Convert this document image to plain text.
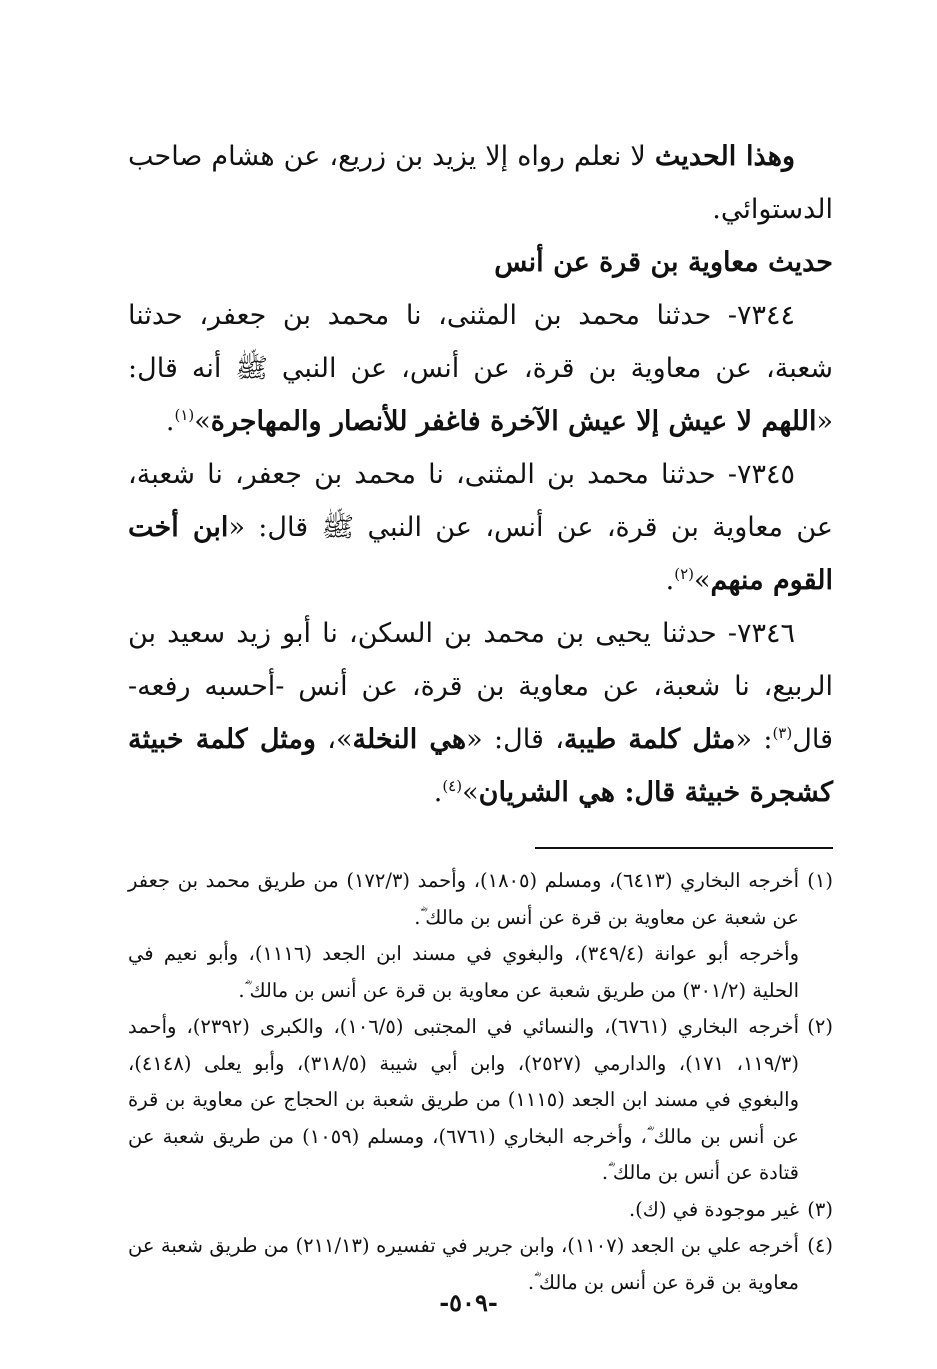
وهذا الحديث لا نعلم رواه إلا يزيد بن زريع، عن هشام صاحب الدستوائي.

حديث معاوية بن قرة عن أنس

٧٣٤٤- حدثنا محمد بن المثنى، نا محمد بن جعفر، حدثنا شعبة، عن معاوية بن قرة، عن أنس، عن النبي ﷺ أنه قال: «اللهم لا عيش إلا عيش الآخرة فاغفر للأنصار والمهاجرة»$^{(١)}$.

٧٣٤٥- حدثنا محمد بن المثنى، نا محمد بن جعفر، نا شعبة، عن معاوية بن قرة، عن أنس، عن النبي ﷺ قال: «ابن أخت القوم منهم»$^{(٢)}$.

٧٣٤٦- حدثنا يحيى بن محمد بن السكن، نا أبو زيد سعيد بن الربيع، نا شعبة، عن معاوية بن قرة، عن أنس -أحسبه رفعه- قال$^{(٣)}$: «مثل كلمة طيبة، قال: «هي النخلة»، ومثل كلمة خبيثة كشجرة خبيثة قال: هي الشريان»$^{(٤)}$.

(١)
أخرجه البخاري (٦٤١٣)، ومسلم (١٨٠٥)، وأحمد (١٧٢/٣) من طريق محمد بن جعفر عن شعبة عن معاوية بن قرة عن أنس بن مالك ؓ.

وأخرجه أبو عوانة (٣٤٩/٤)، والبغوي في مسند ابن الجعد (١١١٦)، وأبو نعيم في الحلية (٣٠١/٢) من طريق شعبة عن معاوية بن قرة عن أنس بن مالك ؓ.

(٢)
أخرجه البخاري (٦٧٦١)، والنسائي في المجتبى (١٠٦/٥)، والكبرى (٢٣٩٢)، وأحمد (١١٩/٣، ١٧١)، والدارمي (٢٥٢٧)، وابن أبي شيبة (٣١٨/٥)، وأبو يعلى (٤١٤٨)، والبغوي في مسند ابن الجعد (١١١٥) من طريق شعبة بن الحجاج عن معاوية بن قرة عن أنس بن مالك ؓ، وأخرجه البخاري (٦٧٦١)، ومسلم (١٠٥٩) من طريق شعبة عن قتادة عن أنس بن مالك ؓ.

(٣)
غير موجودة في (ك).

(٤)
أخرجه علي بن الجعد (١١٠٧)، وابن جرير في تفسيره (٢١١/١٣) من طريق شعبة عن معاوية بن قرة عن أنس بن مالك ؓ.

-٥٠٩-
